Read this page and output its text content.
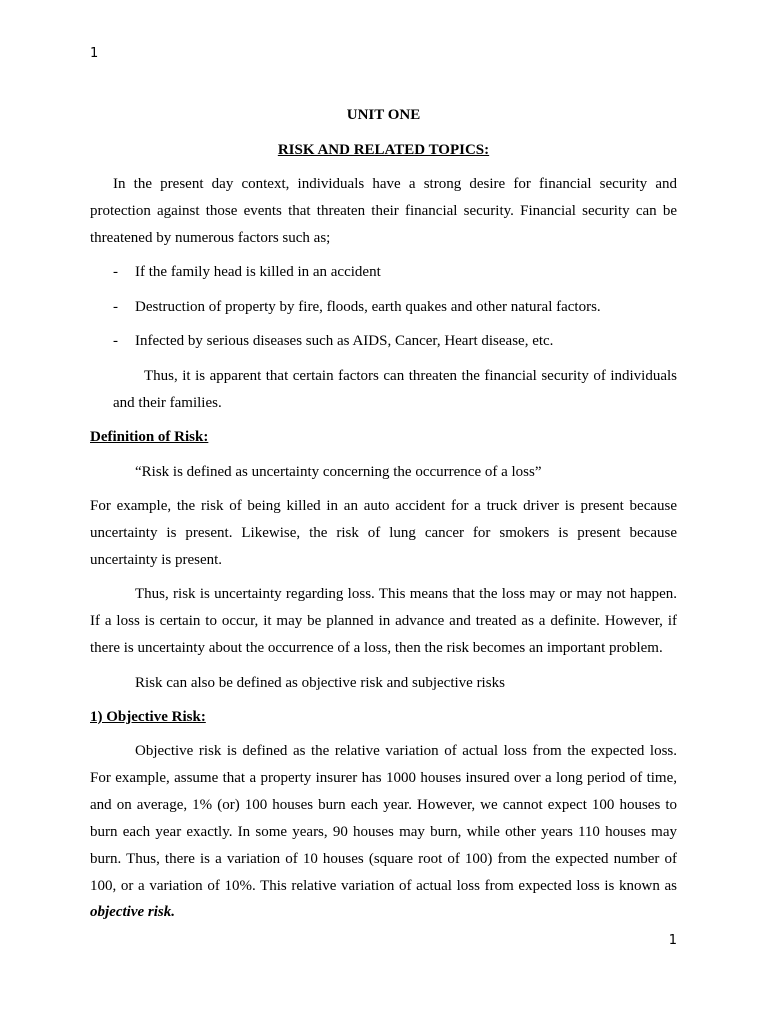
1
UNIT ONE
RISK AND RELATED TOPICS:
In the present day context, individuals have a strong desire for financial security and
protection against those events that threaten their financial security. Financial security can be
threatened by numerous factors such as;
- If the family head is killed in an accident
- Destruction of property by fire, floods, earth quakes and other natural factors.
- Infected by serious diseases such as AIDS, Cancer, Heart disease, etc.
Thus, it is apparent that certain factors can threaten the financial security of individuals
and their families.
Definition of Risk:
“Risk is defined as uncertainty concerning the occurrence of a loss”
For example, the risk of being killed in an auto accident for a truck driver is present because
uncertainty is present. Likewise, the risk of lung cancer for smokers is present because
uncertainty is present.
Thus, risk is uncertainty regarding loss. This means that the loss may or may not happen.
If a loss is certain to occur, it may be planned in advance and treated as a definite. However, if
there is uncertainty about the occurrence of a loss, then the risk becomes an important problem.
Risk can also be defined as objective risk and subjective risks
1) Objective Risk:
Objective risk is defined as the relative variation of actual loss from the expected loss.
For example, assume that a property insurer has 1000 houses insured over a long period of time,
and on average, 1% (or) 100 houses burn each year. However, we cannot expect 100 houses to
burn each year exactly. In some years, 90 houses may burn, while other years 110 houses may
burn. Thus, there is a variation of 10 houses (square root of 100) from the expected number of
100, or a variation of 10%. This relative variation of actual loss from expected loss is known as
objective risk.
1
